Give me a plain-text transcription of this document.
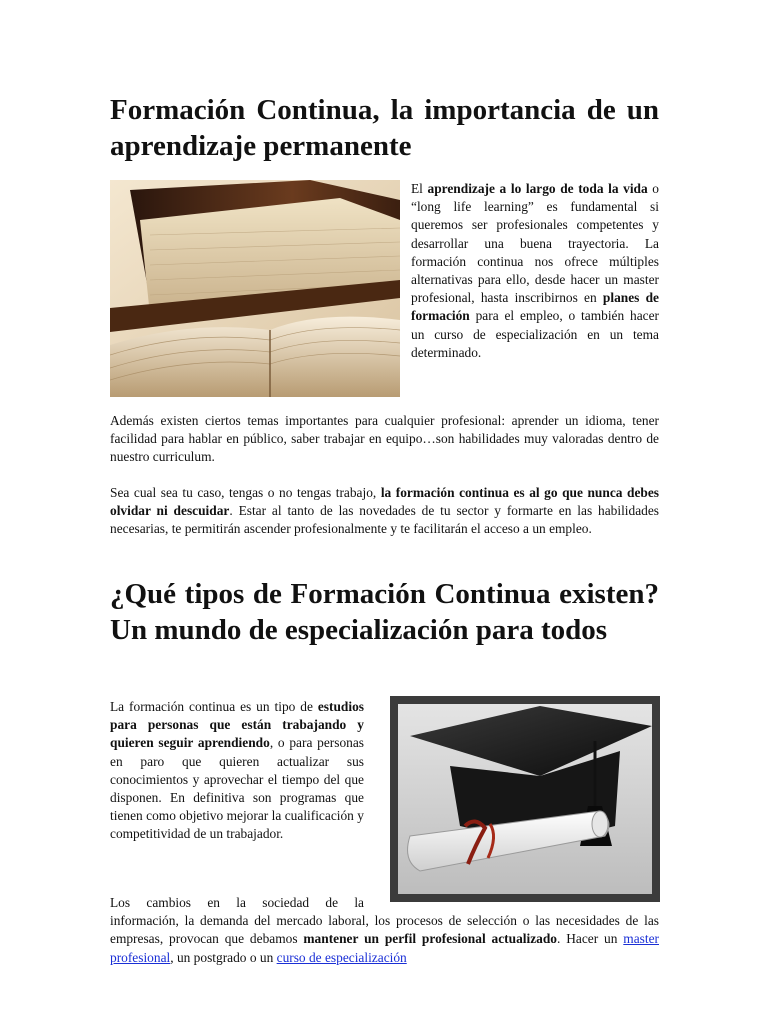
Formación Continua, la importancia de un aprendizaje permanente

El aprendizaje a lo largo de toda la vida o “long life learning” es fundamental si queremos ser profesionales competentes y desarrollar una buena trayectoria. La formación continua nos ofrece múltiples alternativas para ello, desde hacer un master profesional, hasta inscribirnos en planes de formación para el empleo, o también hacer un curso de especialización en un tema determinado.

Además existen ciertos temas importantes para cualquier profesional: aprender un idioma, tener facilidad para hablar en público, saber trabajar en equipo…son habilidades muy valoradas dentro de nuestro curriculum.

Sea cual sea tu caso, tengas o no tengas trabajo, la formación continua es al go que nunca debes olvidar ni descuidar. Estar al tanto de las novedades de tu sector y formarte en las habilidades necesarias, te permitirán ascender profesionalmente y te facilitarán el acceso a un empleo.

¿Qué tipos de Formación Continua existen? Un mundo de especialización para todos

La formación continua es un tipo de estudios para personas que están trabajando y quieren seguir aprendiendo, o para personas en paro que quieren actualizar sus conocimientos y aprovechar el tiempo del que disponen. En definitiva son programas que tienen como objetivo mejorar la cualificación y competitividad de un trabajador.

Los cambios en la sociedad de la
información, la demanda del mercado laboral, los procesos de selección o las necesidades de las empresas, provocan que debamos mantener un perfil profesional actualizado. Hacer un master profesional, un postgrado o un curso de especialización
